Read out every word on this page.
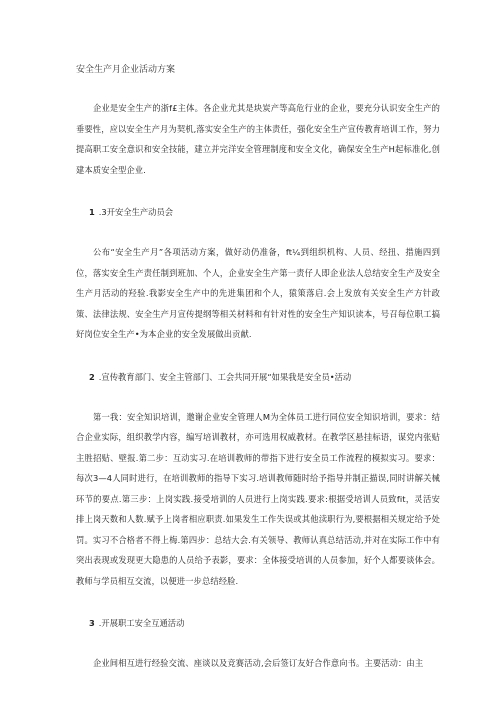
安全生产月企业活动方案

企业是安全生产的浙f£主体。各企业尤其是块炭产等高危行业的企业，要充分认识安全生产的垂要性，应以安全生产月为契机,落实安全生产的主体责任，强化安全生产宣传教育培训工作，努力提高职工安全意识和安全技能，建立并完洋安全管理制度和安全文化，确保安全生产H起标准化,创建本质安全型企业.

1 .3开安全生产动员会

公布“安全生产月”各项活动方案，做好动仍准备，ft¼到组织机构、人员、经扭、措施四到位，落实安全生产责任制到班加、个人，企业安全生产第一责仔人即企业法人总结安全生产及安全生产月活动的羟验.我影安全生产中的先进集团和个人，猿策落启.会上发放有关安全生产方针政策、法律法规、安全生产月宣传提纲等相关材料和有针对性的安全生产知识读本，号召每位职工搞好岗位安全生产•为本企业的安全发展做出贡献.

2 .宣传教育部门、安全主管部门、工会共同开展“如果我是安全员•活动

第一我：安全知识培训，邀谢企业安全管理人M为全体员工进行同位安全知识培训，要求：结合企业实际，组织教学内容，编写培训教材，亦可选用权威教材。在教学区悬挂标语，谋党内张贴主胜招贴、壁报.第二步：互动实习.在培训教师的带指下进行安全员工作流程的模拟实习。要求：每次3—4人同时进行，在培训教师的指导下实习.培训教师随时给予指导并制正描误,同时讲解关械环节的要点.第三步：上岗实践.接受培训的人员进行上岗实践.要求:根据受培训人员致fit，灵活安排上岗天数和人数.赋予上岗者相应职责.如果发生工作失误或其他渎职行为,要根据相关规定给予处罚。实习不合格者不得上梅.第四步：总结大会.有关领导、教师认真总结活动,并对在实际工作中有突出表现或发现更大隐患的人员给予表影，要求：全体接受培训的人员参加，好个人都要谈体会。教师与学员相互交流，以便进一步总结经脸.

3 .开展职工安全互通活动

企业间相互进行经验交流、座谈以及竞赛活动,会后签订友好合作意向书。主要活动：由主
